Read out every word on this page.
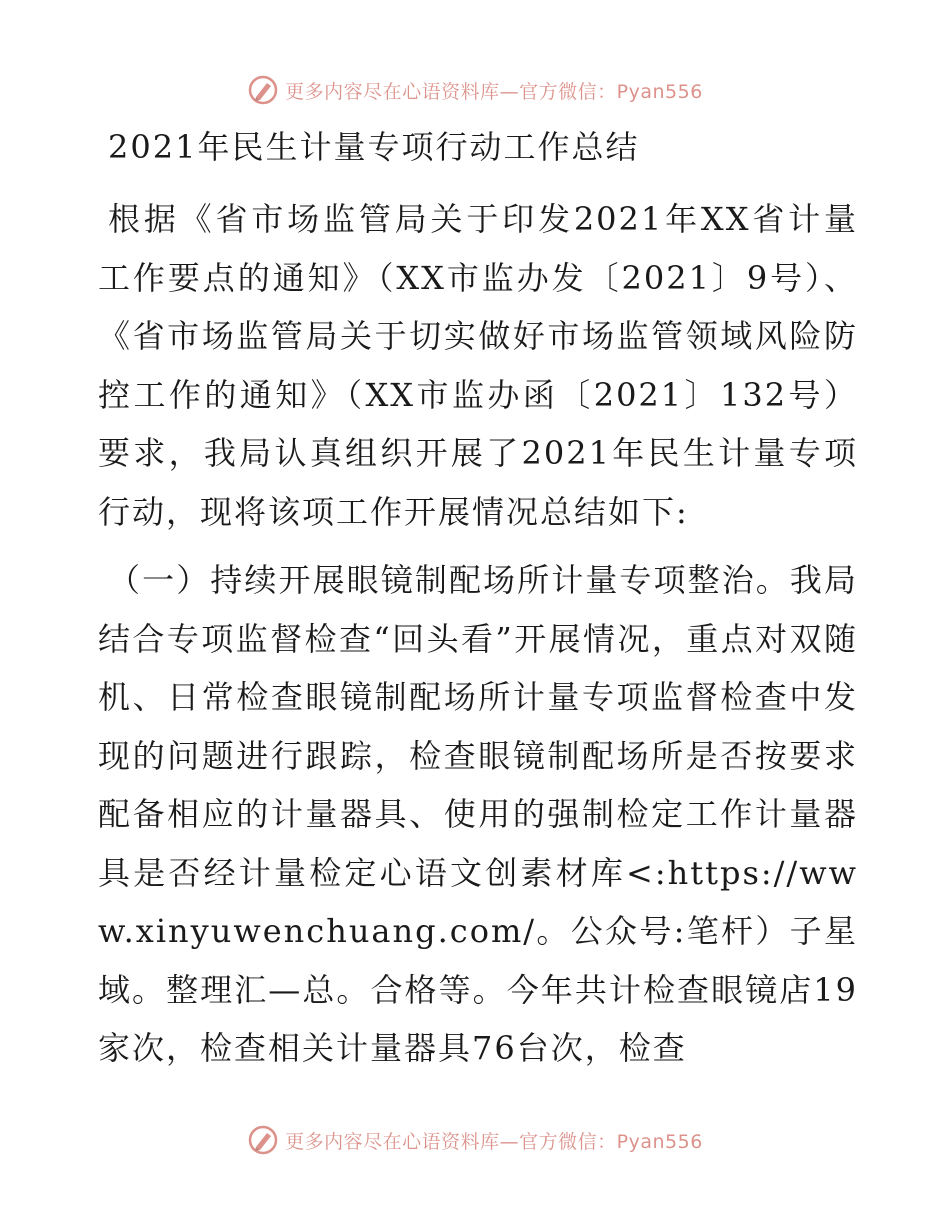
更多内容尽在心语资料库—官方微信：Pyan556
2021年民生计量专项行动工作总结

根据《省市场监管局关于印发2021年XX省计量工作要点的通知》（XX市监办发〔2021〕9号）、《省市场监管局关于切实做好市场监管领域风险防控工作的通知》（XX市监办函〔2021〕132号）要求，我局认真组织开展了2021年民生计量专项行动，现将该项工作开展情况总结如下:

（一）持续开展眼镜制配场所计量专项整治。我局结合专项监督检查“回头看”开展情况，重点对双随机、日常检查眼镜制配场所计量专项监督检查中发现的问题进行跟踪，检查眼镜制配场所是否按要求配备相应的计量器具、使用的强制检定工作计量器具是否经计量检定心语文创素材库<:https://www.xinyuwenchuang.com/。公众号:笔杆）子星域。整理汇—总。合格等。今年共计检查眼镜店19家次，检查相关计量器具76台次，检查

更多内容尽在心语资料库—官方微信：Pyan556
